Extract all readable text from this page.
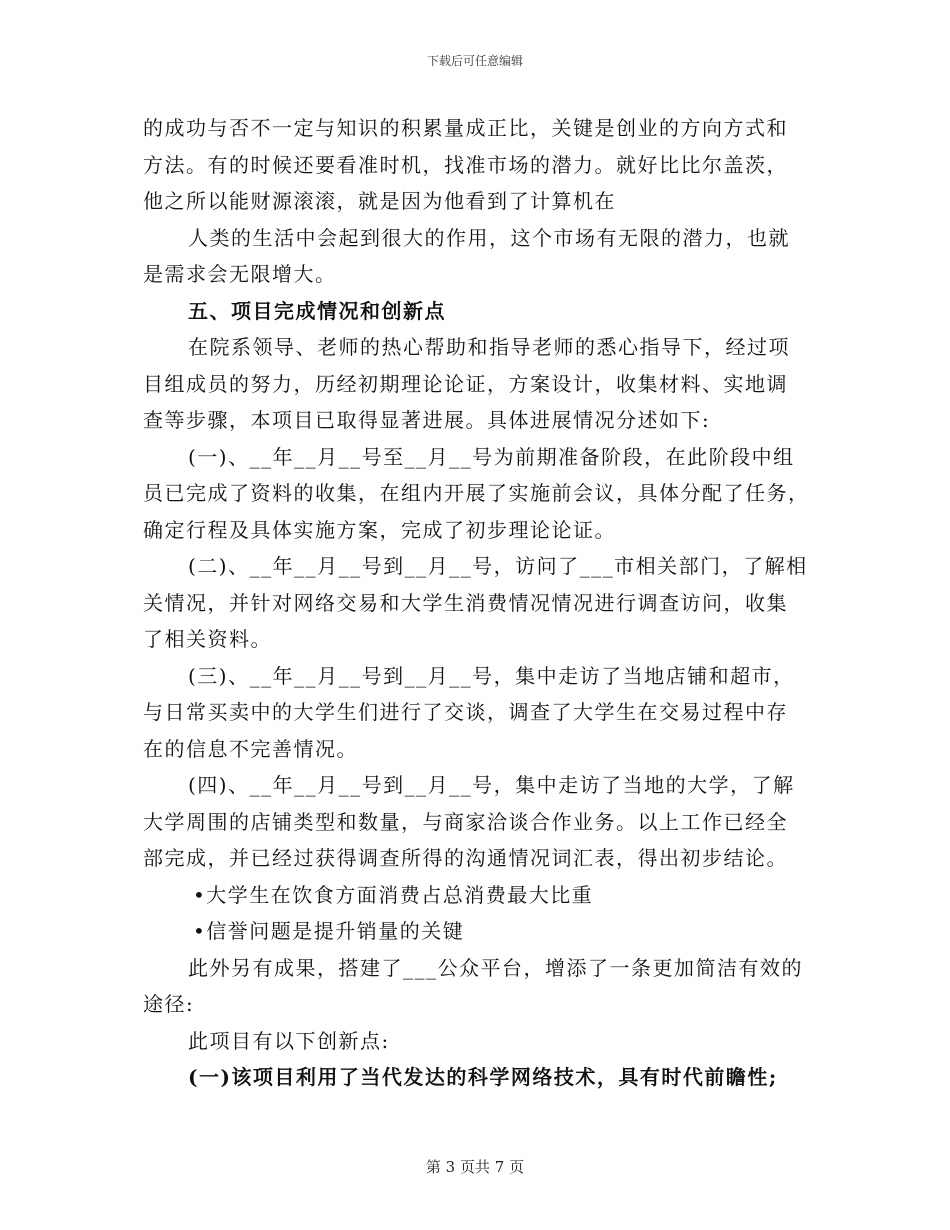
下载后可任意编辑

的成功与否不一定与知识的积累量成正比，关键是创业的方向方式和

方法。有的时候还要看准时机，找准市场的潜力。就好比比尔盖茨，

他之所以能财源滚滚，就是因为他看到了计算机在

人类的生活中会起到很大的作用，这个市场有无限的潜力，也就

是需求会无限增大。

五、项目完成情况和创新点

在院系领导、老师的热心帮助和指导老师的悉心指导下，经过项

目组成员的努力，历经初期理论论证，方案设计，收集材料、实地调

查等步骤，本项目已取得显著进展。具体进展情况分述如下:

(一)、__年__月__号至__月__号为前期准备阶段，在此阶段中组

员已完成了资料的收集，在组内开展了实施前会议，具体分配了任务，

确定行程及具体实施方案，完成了初步理论论证。

(二)、__年__月__号到__月__号，访问了___市相关部门，了解相

关情况，并针对网络交易和大学生消费情况情况进行调查访问，收集

了相关资料。

(三)、__年__月__号到__月__号，集中走访了当地店铺和超市，

与日常买卖中的大学生们进行了交谈，调查了大学生在交易过程中存

在的信息不完善情况。

(四)、__年__月__号到__月__号，集中走访了当地的大学，了解

大学周围的店铺类型和数量，与商家洽谈合作业务。以上工作已经全

部完成，并已经过获得调查所得的沟通情况词汇表，得出初步结论。

•大学生在饮食方面消费占总消费最大比重

•信誉问题是提升销量的关键

此外另有成果，搭建了___公众平台，增添了一条更加简洁有效的

途径:

此项目有以下创新点:

(一)该项目利用了当代发达的科学网络技术，具有时代前瞻性;

第 3 页共 7 页
